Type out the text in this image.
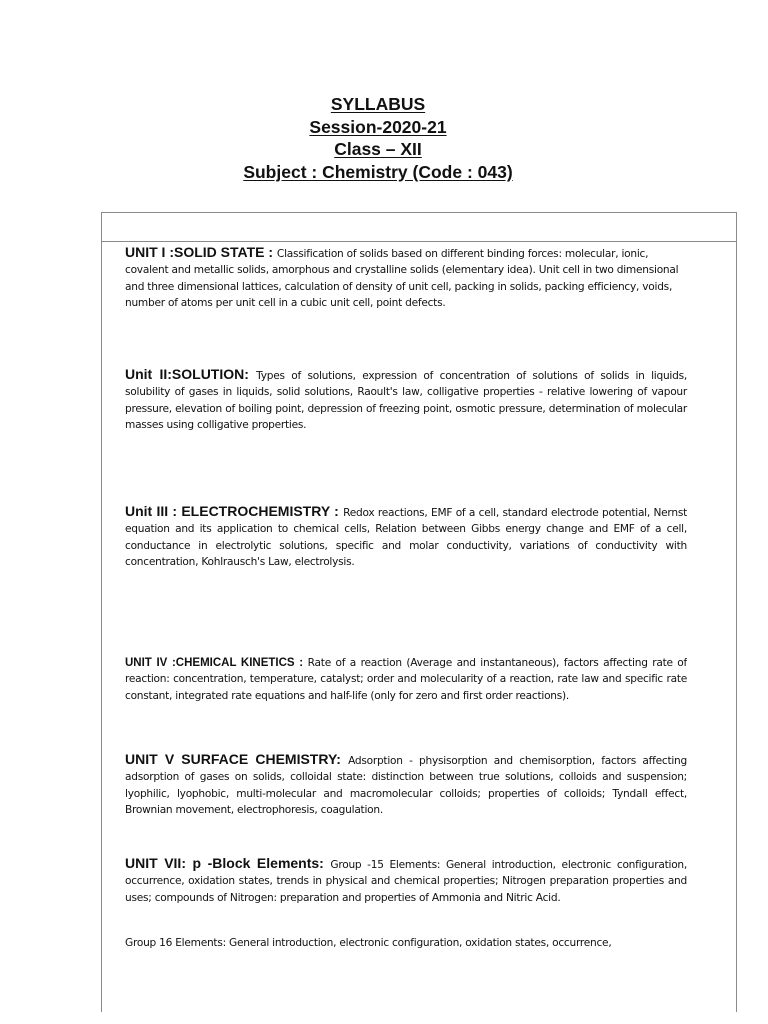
SYLLABUS
Session-2020-21
Class – XII
Subject : Chemistry (Code : 043)
UNIT I :SOLID STATE : Classification of solids based on different binding forces: molecular, ionic, covalent and metallic solids, amorphous and crystalline solids (elementary idea). Unit cell in two dimensional and three dimensional lattices, calculation of density of unit cell, packing in solids, packing efficiency, voids, number of atoms per unit cell in a cubic unit cell, point defects.
Unit II:SOLUTION: Types of solutions, expression of concentration of solutions of solids in liquids, solubility of gases in liquids, solid solutions, Raoult's law, colligative properties - relative lowering of vapour pressure, elevation of boiling point, depression of freezing point, osmotic pressure, determination of molecular masses using colligative properties.
Unit III : ELECTROCHEMISTRY : Redox reactions, EMF of a cell, standard electrode potential, Nernst equation and its application to chemical cells, Relation between Gibbs energy change and EMF of a cell, conductance in electrolytic solutions, specific and molar conductivity, variations of conductivity with concentration, Kohlrausch's Law, electrolysis.
UNIT IV :CHEMICAL KINETICS : Rate of a reaction (Average and instantaneous), factors affecting rate of reaction: concentration, temperature, catalyst; order and molecularity of a reaction, rate law and specific rate constant, integrated rate equations and half-life (only for zero and first order reactions).
UNIT V SURFACE CHEMISTRY: Adsorption - physisorption and chemisorption, factors affecting adsorption of gases on solids, colloidal state: distinction between true solutions, colloids and suspension; lyophilic, lyophobic, multi-molecular and macromolecular colloids; properties of colloids; Tyndall effect, Brownian movement, electrophoresis, coagulation.
UNIT VII: p -Block Elements: Group -15 Elements: General introduction, electronic configuration, occurrence, oxidation states, trends in physical and chemical properties; Nitrogen preparation properties and uses; compounds of Nitrogen: preparation and properties of Ammonia and Nitric Acid.
Group 16 Elements: General introduction, electronic configuration, oxidation states, occurrence,
